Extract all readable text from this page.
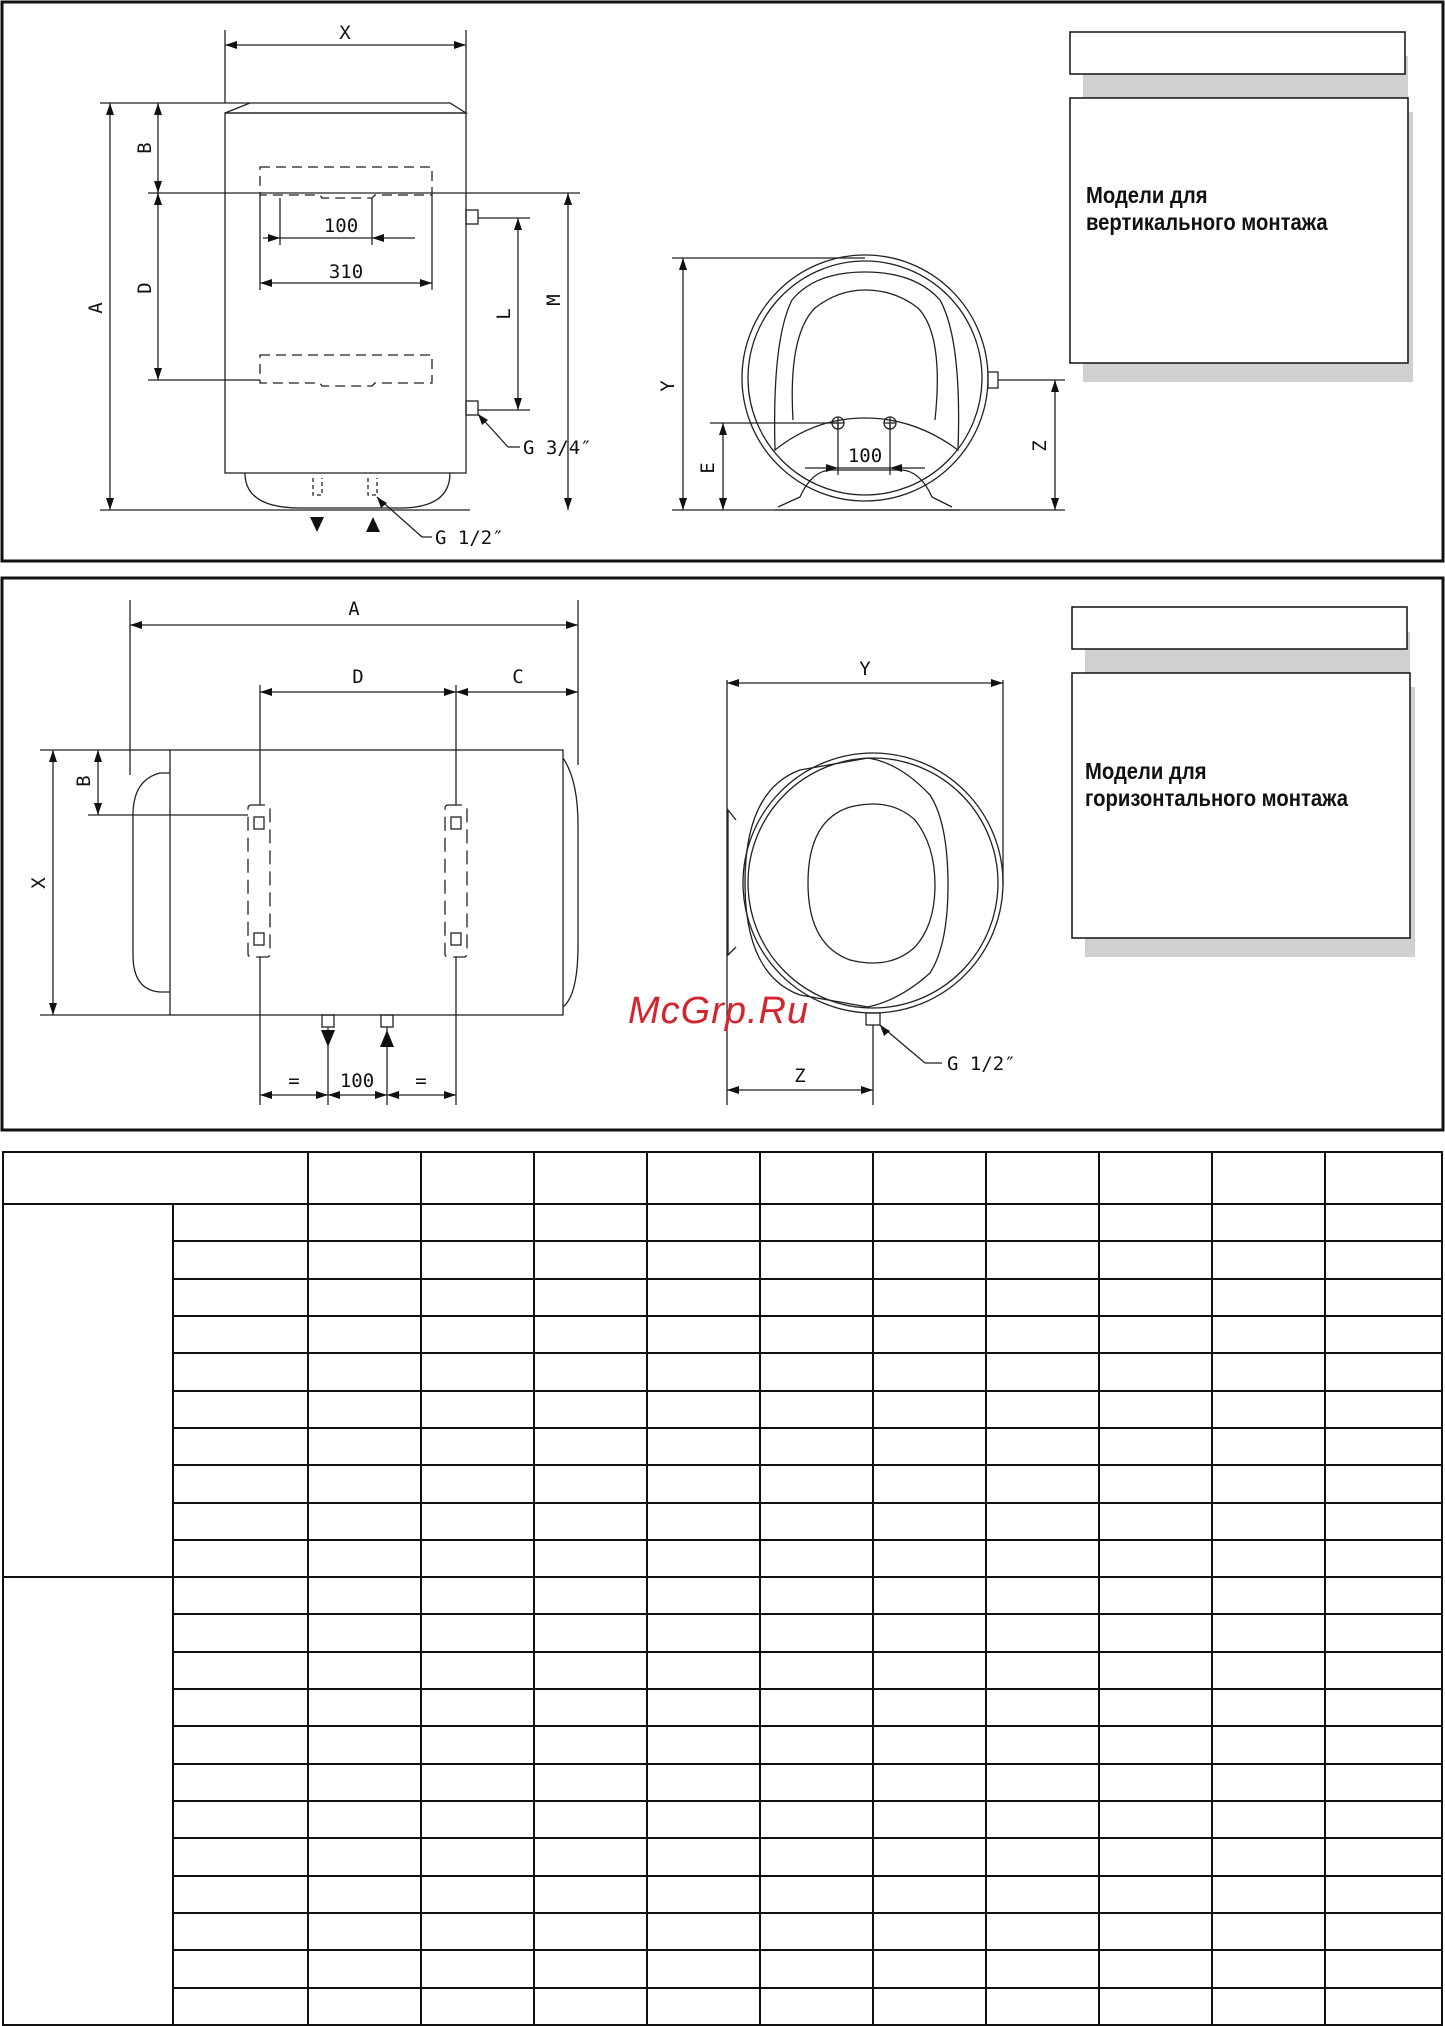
X
A
B
D
100
310
L
M
G 3/4″
G 1/2″
Y
E
Z
100
Модели для
вертикального монтажа
A
D	C
X
B
= 100 =
Y
Z
G 1/2″
Модели для
горизонтального монтажа
McGrp.Ru
